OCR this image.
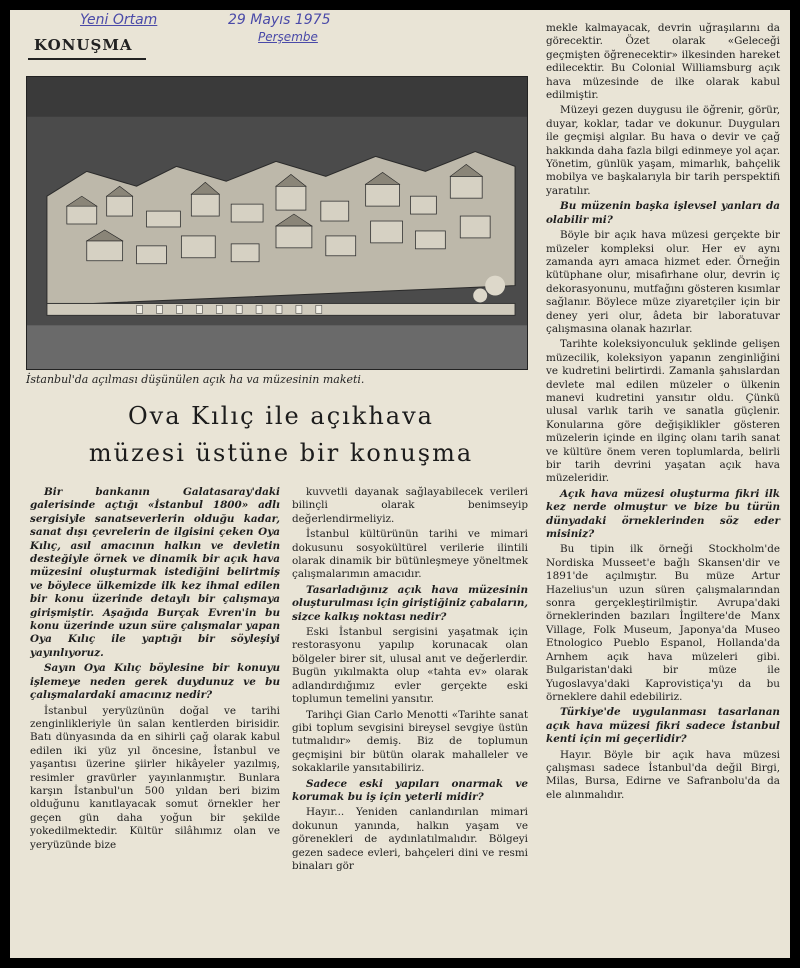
Yeni Ortam	29 Mayıs 1975
Perşembe
KONUŞMA
İstanbul'da açılması düşünülen açık ha va müzesinin maketi.
Ova Kılıç ile açıkhava
müzesi üstüne bir konuşma

Bir bankanın Galatasaray'daki galerisinde açtığı «İstanbul 1800» adlı sergisiyle sanatseverlerin olduğu kadar, sanat dışı çevrelerin de ilgisini çeken Oya Kılıç, asıl amacının halkın ve devletin desteğiyle örnek ve dinamik bir açık hava müzesini oluşturmak istediğini belirtmiş ve böylece ülkemizde ilk kez ihmal edilen bir konu üzerinde detaylı bir çalışmaya girişmiştir. Aşağıda Burçak Evren'in bu konu üzerinde uzun süre çalışmalar yapan Oya Kılıç ile yaptığı bir söyleşiyi yayınlıyoruz.

Sayın Oya Kılıç böylesine bir konuyu işlemeye neden gerek duydunuz ve bu çalışmalardaki amacınız nedir?

İstanbul yeryüzünün doğal ve tarihi zenginlikleriyle ün salan kentlerden birisidir. Batı dünyasında da en sihirli çağ olarak kabul edilen iki yüz yıl öncesine, İstanbul ve yaşantısı üzerine şiirler hikâyeler yazılmış, resimler gravürler yayınlanmıştır. Bunlara karşın İstanbul'un 500 yıldan beri bizim olduğunu kanıtlayacak somut örnekler her geçen gün daha yoğun bir şekilde yokedilmektedir. Kültür silâhımız olan ve yeryüzünde bize

kuvvetli dayanak sağlayabilecek verileri bilinçli olarak benimseyip değerlendirmeliyiz.

İstanbul kültürünün tarihi ve mimari dokusunu sosyokültürel verilerie ilintili olarak dinamik bir bütünleşmeye yöneltmek çalışmalarımın amacıdır.

Tasarladığınız açık hava müzesinin oluşturulması için giriştiğiniz çabaların, sizce kalkış noktası nedir?

Eski İstanbul sergisini yaşatmak için restorasyonu yapılıp korunacak olan bölgeler birer sit, ulusal anıt ve değerlerdir. Bugün yıkılmakta olup «tahta ev» olarak adlandırdığımız evler gerçekte eski toplumun temelini yansıtır.

Tarihçi Gian Carlo Menotti «Tarihte sanat gibi toplum sevgisini bireysel sevgiye üstün tutmalıdır» demiş. Biz de toplumun geçmişini bir bütün olarak mahalleler ve sokaklarile yansıtabiliriz.

Sadece eski yapıları onarmak ve korumak bu iş için yeterli midir?

Hayır... Yeniden canlandırılan mimari dokunun yanında, halkın yaşam ve görenekleri de aydınlatılmalıdır. Bölgeyi gezen sadece evleri, bahçeleri dini ve resmi binaları gör

mekle kalmayacak, devrin uğraşılarını da görecektir. Özet olarak «Geleceği geçmişten öğrenecektir» ilkesinden hareket edilecektir. Bu Colonial Williamsburg açık hava müzesinde de ilke olarak kabul edilmiştir.

Müzeyi gezen duygusu ile öğrenir, görür, duyar, koklar, tadar ve dokunur. Duyguları ile geçmişi algılar. Bu hava o devir ve çağ hakkında daha fazla bilgi edinmeye yol açar. Yönetim, günlük yaşam, mimarlık, bahçelik mobilya ve başkalarıyla bir tarih perspektifi yaratılır.

Bu müzenin başka işlevsel yanları da olabilir mi?

Böyle bir açık hava müzesi gerçekte bir müzeler kompleksi olur. Her ev aynı zamanda ayrı amaca hizmet eder. Örneğin kütüphane olur, misafirhane olur, devrin iç dekorasyonunu, mutfağını gösteren kısımlar sağlanır. Böylece müze ziyaretçiler için bir deney yeri olur, âdeta bir laboratuvar çalışmasına olanak hazırlar.

Tarihte koleksiyonculuk şeklinde gelişen müzecilik, koleksiyon yapanın zenginliğini ve kudretini belirtirdi. Zamanla şahıslardan devlete mal edilen müzeler o ülkenin manevi kudretini yansıtır oldu. Çünkü ulusal varlık tarih ve sanatla güçlenir. Konularına göre değişiklikler gösteren müzelerin içinde en ilginç olanı tarih sanat ve kültüre önem veren toplumlarda, belirli bir tarih devrini yaşatan açık hava müzeleridir.

Açık hava müzesi oluşturma fikri ilk kez nerde olmuştur ve bize bu türün dünyadaki örneklerinden söz eder misiniz?

Bu tipin ilk örneği Stockholm'de Nordiska Musseet'e bağlı Skansen'dir ve 1891'de açılmıştır. Bu müze Artur Hazelius'un uzun süren çalışmalarından sonra gerçekleştirilmiştir. Avrupa'daki örneklerinden bazıları İngiltere'de Manx Village, Folk Museum, Japonya'da Museo Etnologico Pueblo Espanol, Hollanda'da Arnhem açık hava müzeleri gibi. Bulgaristan'daki bir müze ile Yugoslavya'daki Kaprovistiça'yı da bu örneklere dahil edebiliriz.

Türkiye'de uygulanması tasarlanan açık hava müzesi fikri sadece İstanbul kenti için mi geçerlidir?

Hayır. Böyle bir açık hava müzesi çalışması sadece İstanbul'da değil Birgi, Milas, Bursa, Edirne ve Safranbolu'da da ele alınmalıdır.
